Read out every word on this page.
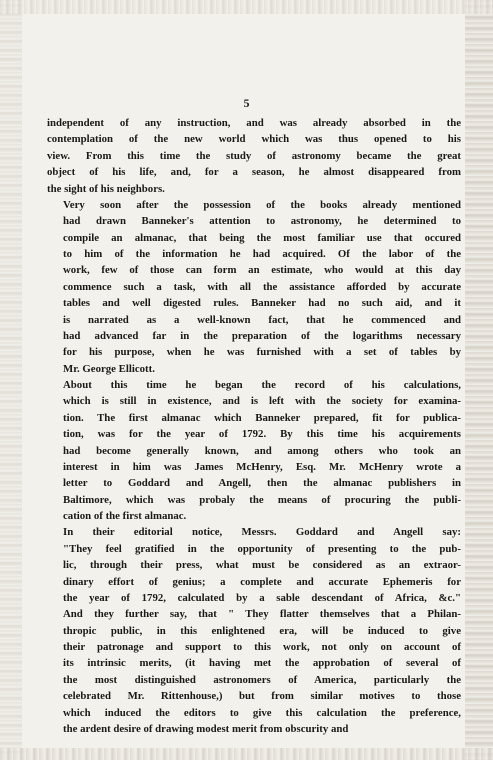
5

independent of any instruction, and was already absorbed in the
contemplation of the new world which was thus opened to his
view. From this time the study of astronomy became the great
object of his life, and, for a season, he almost disappeared from
the sight of his neighbors.

Very soon after the possession of the books already mentioned
had drawn Banneker's attention to astronomy, he determined to
compile an almanac, that being the most familiar use that occured
to him of the information he had acquired. Of the labor of the
work, few of those can form an estimate, who would at this day
commence such a task, with all the assistance afforded by accurate
tables and well digested rules. Banneker had no such aid, and it
is narrated as a well-known fact, that he commenced and
had advanced far in the preparation of the logarithms necessary
for his purpose, when he was furnished with a set of tables by
Mr. George Ellicott.

About this time he began the record of his calculations,
which is still in existence, and is left with the society for examina-
tion. The first almanac which Banneker prepared, fit for publica-
tion, was for the year of 1792. By this time his acquirements
had become generally known, and among others who took an
interest in him was James McHenry, Esq. Mr. McHenry wrote a
letter to Goddard and Angell, then the almanac publishers in
Baltimore, which was probaly the means of procuring the publi-
cation of the first almanac.

In their editorial notice, Messrs. Goddard and Angell say:
"They feel gratified in the opportunity of presenting to the pub-
lic, through their press, what must be considered as an extraor-
dinary effort of genius; a complete and accurate Ephemeris for
the year of 1792, calculated by a sable descendant of Africa, &c."
And they further say, that " They flatter themselves that a Philan-
thropic public, in this enlightened era, will be induced to give
their patronage and support to this work, not only on account of
its intrinsic merits, (it having met the approbation of several of
the most distinguished astronomers of America, particularly the
celebrated Mr. Rittenhouse,) but from similar motives to those
which induced the editors to give this calculation the preference,
the ardent desire of drawing modest merit from obscurity and
